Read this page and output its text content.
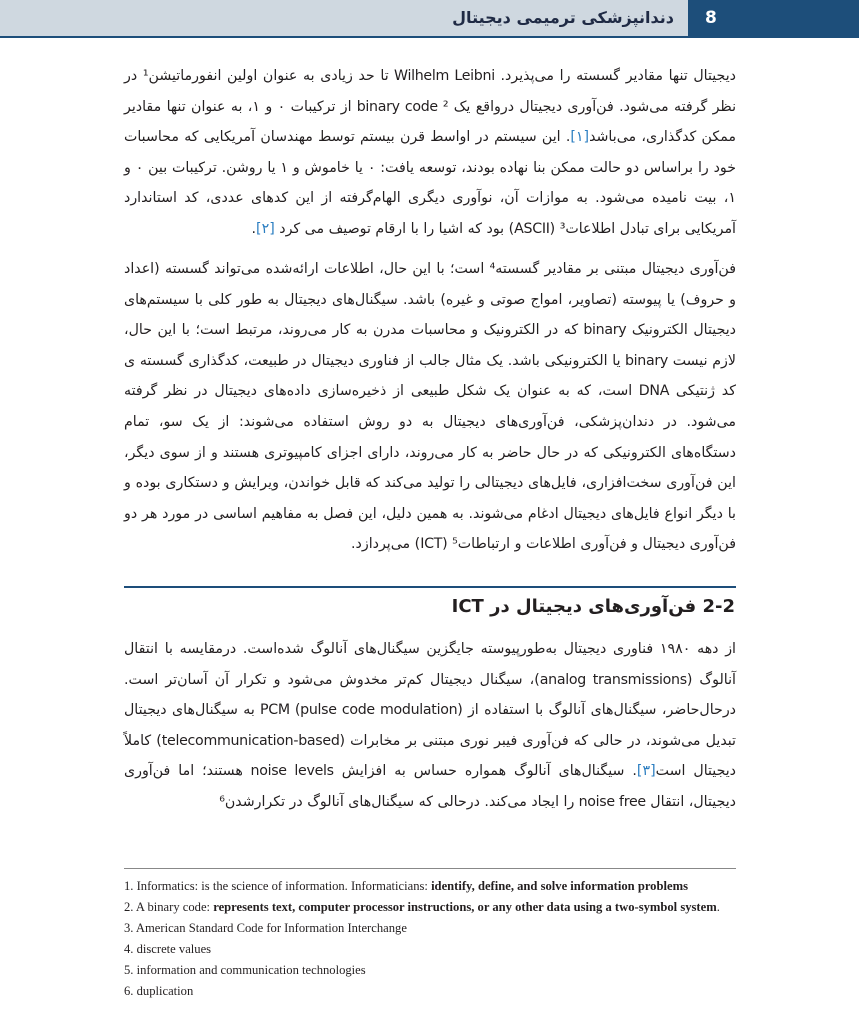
دندانپزشکی ترمیمی دیجیتال 8

دیجیتال تنها مقادیر گسسته را می‌پذیرد. Wilhelm Leibni تا حد زیادی به عنوان اولین انفورماتیشن¹ در نظر گرفته می‌شود. فن‌آوری دیجیتال درواقع یک binary code ² از ترکیبات ۰ و ۱، به عنوان تنها مقادیر ممکن کدگذاری، می‌باشد[۱]. این سیستم در اواسط قرن بیستم توسط مهندسان آمریکایی که محاسبات خود را براساس دو حالت ممکن بنا نهاده بودند، توسعه یافت: ۰ یا خاموش و ۱ یا روشن. ترکیبات بین ۰ و ۱، بیت نامیده می‌شود. به موازات آن، نوآوری دیگری الهام‌گرفته از این کدهای عددی، کد استاندارد آمریکایی برای تبادل اطلاعات³ (ASCII) بود که اشیا را با ارقام توصیف می کرد [۲].

فن‌آوری دیجیتال مبتنی بر مقادیر گسسته⁴ است؛ با این حال، اطلاعات ارائه‌شده می‌تواند گسسته (اعداد و حروف) یا پیوسته (تصاویر، امواج صوتی و غیره) باشد. سیگنال‌های دیجیتال به طور کلی با سیستم‌های دیجیتال الکترونیک binary که در الکترونیک و محاسبات مدرن به کار می‌روند، مرتبط است؛ با این حال، لازم نیست binary یا الکترونیکی باشد. یک مثال جالب از فناوری دیجیتال در طبیعت، کدگذاری گسسته ی کد ژنتیکی DNA است، که به عنوان یک شکل طبیعی از ذخیره‌سازی داده‌های دیجیتال در نظر گرفته می‌شود. در دندان‌پزشکی، فن‌آوری‌های دیجیتال به دو روش استفاده می‌شوند: از یک سو، تمام دستگاه‌های الکترونیکی که در حال حاضر به کار می‌روند، دارای اجزای کامپیوتری هستند و از سوی دیگر، این فن‌آوری سخت‌افزاری، فایل‌های دیجیتالی را تولید می‌کند که قابل خواندن، ویرایش و دستکاری بوده و با دیگر انواع فایل‌های دیجیتال ادغام می‌شوند. به همین دلیل، این فصل به مفاهیم اساسی در مورد هر دو فن‌آوری دیجیتال و فن‌آوری اطلاعات و ارتباطات⁵ (ICT) می‌پردازد.

2-2 فن‌آوری‌های دیجیتال در ICT

از دهه ۱۹۸۰ فناوری دیجیتال به‌طورپیوسته جایگزین سیگنال‌های آنالوگ شده‌است. درمقایسه با انتقال آنالوگ (analog transmissions)، سیگنال دیجیتال کم‌تر مخدوش می‌شود و تکرار آن آسان‌تر است. درحال‌حاضر، سیگنال‌های آنالوگ با استفاده از PCM (pulse code modulation) به سیگنال‌های دیجیتال تبدیل می‌شوند، در حالی که فن‌آوری فیبر نوری مبتنی بر مخابرات (telecommunication-based) کاملاً دیجیتال است[۳]. سیگنال‌های آنالوگ همواره حساس به افزایش noise levels هستند؛ اما فن‌آوری دیجیتال، انتقال noise free را ایجاد می‌کند. درحالی که سیگنال‌های آنالوگ در تکرارشدن⁶

1. Informatics: is the science of information. Informaticians: identify, define, and solve information problems
2. A binary code: represents text, computer processor instructions, or any other data using a two-symbol system.
3. American Standard Code for Information Interchange
4. discrete values
5. information and communication technologies
6. duplication
